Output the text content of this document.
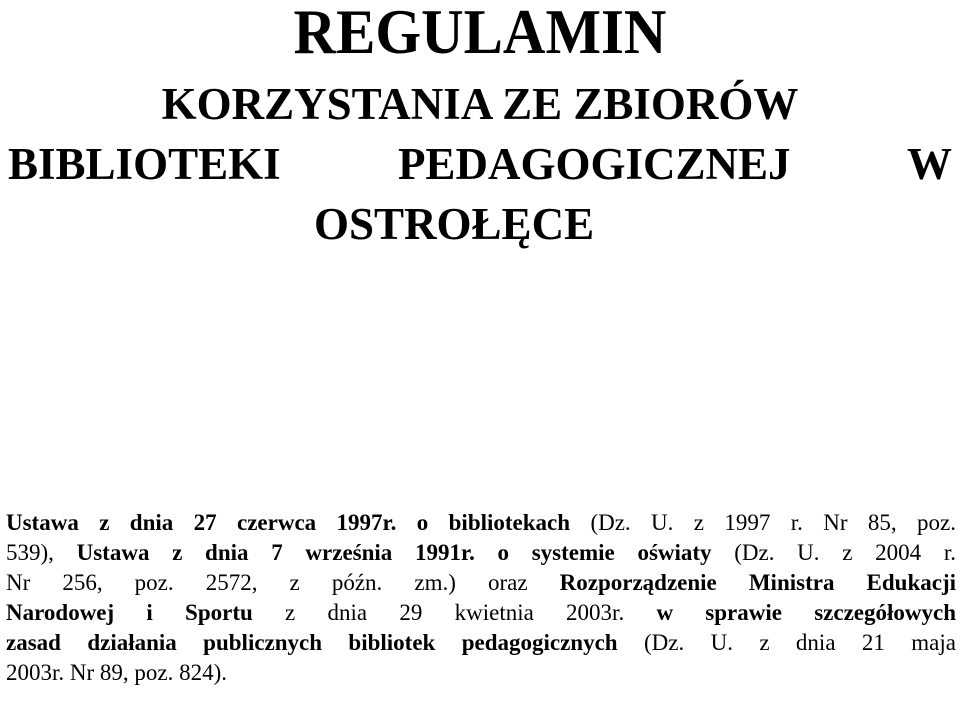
REGULAMIN
KORZYSTANIA ZE ZBIORÓW
BIBLIOTEKI PEDAGOGICZNEJ W
OSTROŁĘCE
Ustawa z dnia 27 czerwca 1997r. o bibliotekach (Dz. U. z 1997 r. Nr 85, poz.
539), Ustawa z dnia 7 września 1991r. o systemie oświaty (Dz. U. z 2004 r.
Nr 256, poz. 2572, z późn. zm.) oraz Rozporządzenie Ministra Edukacji
Narodowej i Sportu z dnia 29 kwietnia 2003r. w sprawie szczegółowych
zasad działania publicznych bibliotek pedagogicznych (Dz. U. z dnia 21 maja
2003r. Nr 89, poz. 824).
